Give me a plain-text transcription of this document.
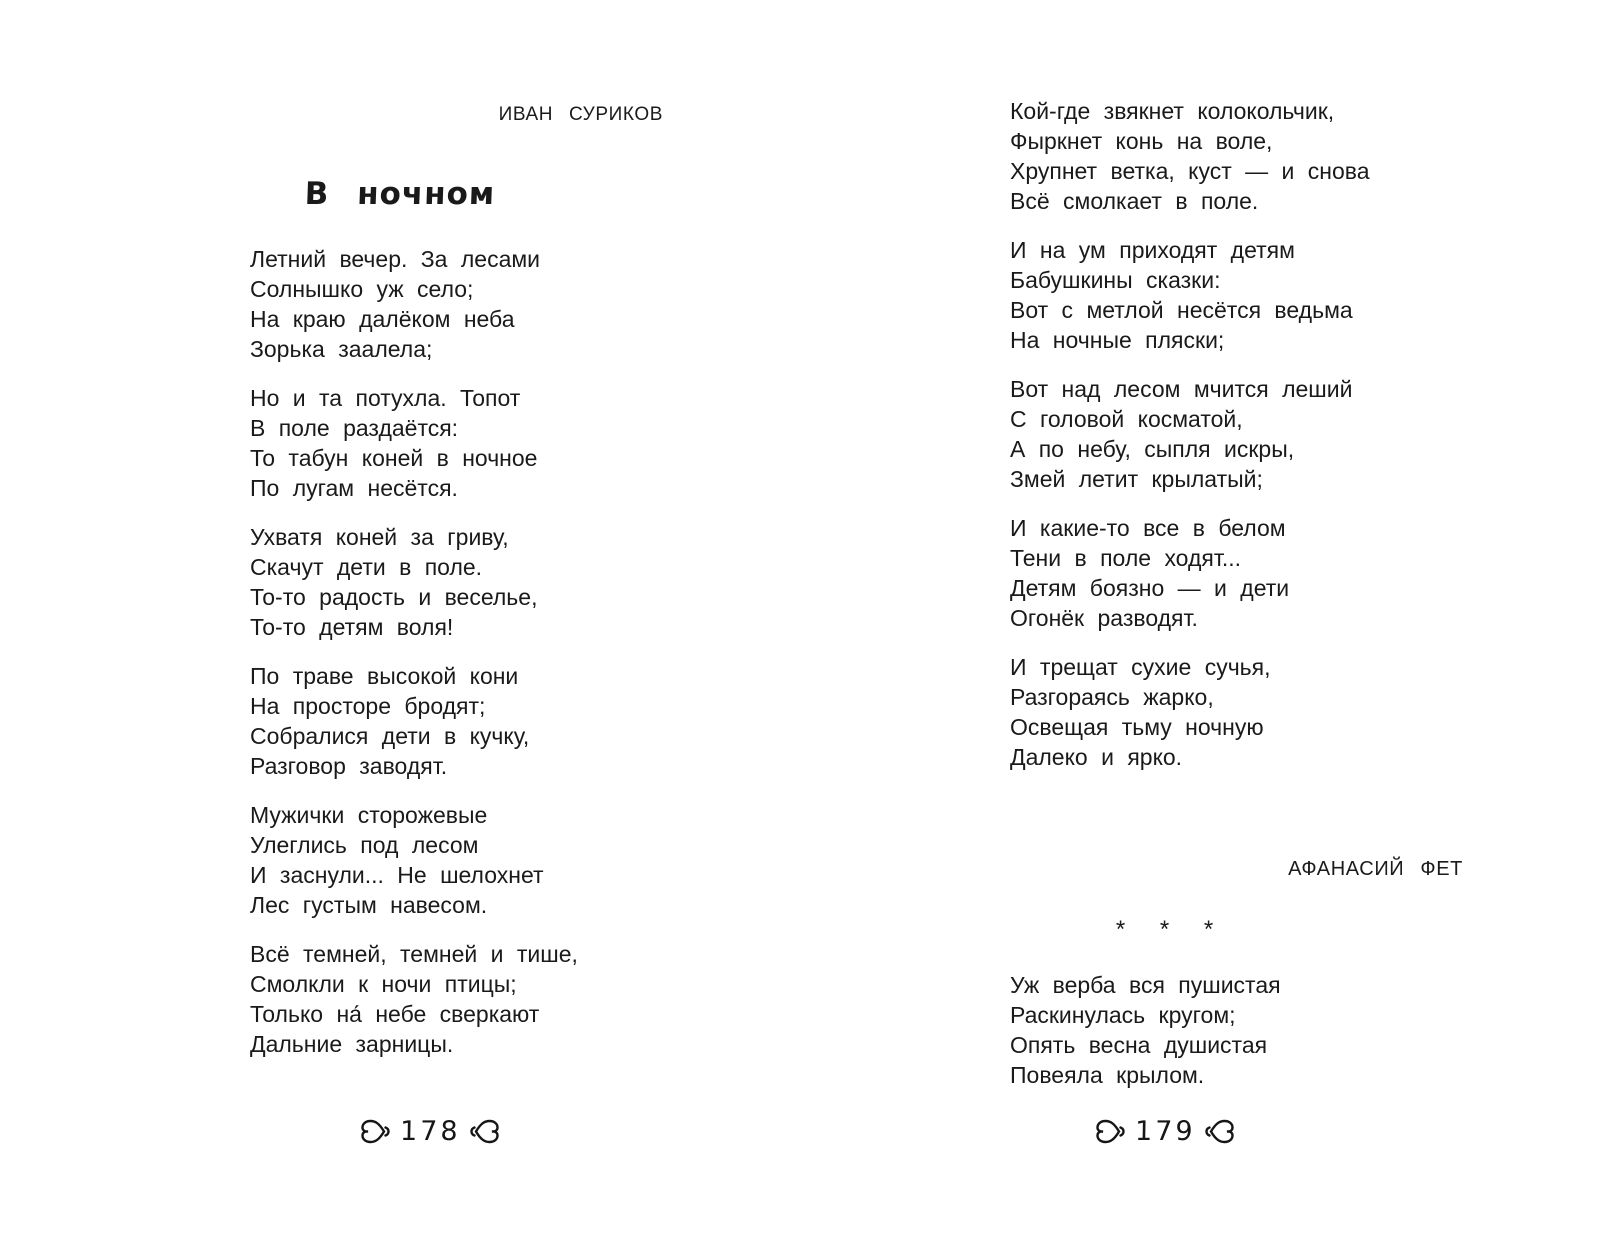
ИВАН СУРИКОВ
В ночном

Летний вечер. За лесами
Солнышко уж село;
На краю далёком неба
Зорька заалела;

Но и та потухла. Топот
В поле раздаётся:
То табун коней в ночное
По лугам несётся.

Ухватя коней за гриву,
Скачут дети в поле.
То-то радость и веселье,
То-то детям воля!

По траве высокой кони
На просторе бродят;
Собралися дети в кучку,
Разговор заводят.

Мужички сторожевые
Улеглись под лесом
И заснули... Не шелохнет
Лес густым навесом.

Всё темней, темней и тише,
Смолкли к ночи птицы;
Только на́ небе сверкают
Дальние зарницы.

178

Кой-где звякнет колокольчик,
Фыркнет конь на воле,
Хрупнет ветка, куст — и снова
Всё смолкает в поле.

И на ум приходят детям
Бабушкины сказки:
Вот с метлой несётся ведьма
На ночные пляски;

Вот над лесом мчится леший
С головой косматой,
А по небу, сыпля искры,
Змей летит крылатый;

И какие-то все в белом
Тени в поле ходят...
Детям боязно — и дети
Огонёк разводят.

И трещат сухие сучья,
Разгораясь жарко,
Освещая тьму ночную
Далеко и ярко.

АФАНАСИЙ ФЕТ
* * *

Уж верба вся пушистая
Раскинулась кругом;
Опять весна душистая
Повеяла крылом.

179
